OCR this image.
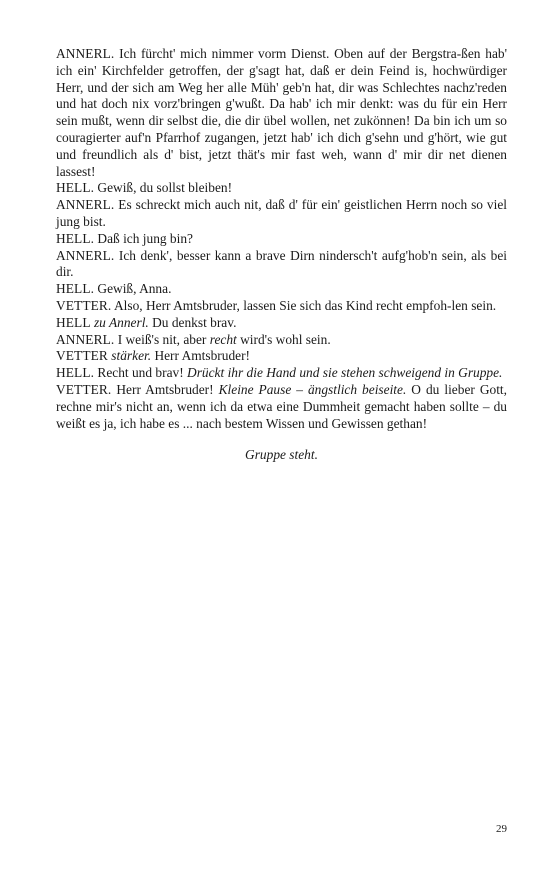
ANNERL. Ich fürcht' mich nimmer vorm Dienst. Oben auf der Bergstra-ßen hab' ich ein' Kirchfelder getroffen, der g'sagt hat, daß er dein Feind is, hochwürdiger Herr, und der sich am Weg her alle Müh' geb'n hat, dir was Schlechtes nachz'reden und hat doch nix vorz'bringen g'wußt. Da hab' ich mir denkt: was du für ein Herr sein mußt, wenn dir selbst die, die dir übel wollen, net zukönnen! Da bin ich um so couragierter auf'n Pfarrhof zugangen, jetzt hab' ich dich g'sehn und g'hört, wie gut und freundlich als d' bist, jetzt thät's mir fast weh, wann d' mir dir net dienen lassest!

HELL. Gewiß, du sollst bleiben!

ANNERL. Es schreckt mich auch nit, daß d' für ein' geistlichen Herrn noch so viel jung bist.

HELL. Daß ich jung bin?

ANNERL. Ich denk', besser kann a brave Dirn nindersch't aufg'hob'n sein, als bei dir.

HELL. Gewiß, Anna.

VETTER. Also, Herr Amtsbruder, lassen Sie sich das Kind recht empfoh-len sein.

HELL zu Annerl. Du denkst brav.

ANNERL. I weiß's nit, aber recht wird's wohl sein.

VETTER stärker. Herr Amtsbruder!

HELL. Recht und brav! Drückt ihr die Hand und sie stehen schweigend in Gruppe.

VETTER. Herr Amtsbruder! Kleine Pause – ängstlich beiseite. O du lieber Gott, rechne mir's nicht an, wenn ich da etwa eine Dummheit gemacht haben sollte – du weißt es ja, ich habe es ... nach bestem Wissen und Gewissen gethan!

Gruppe steht.

29
